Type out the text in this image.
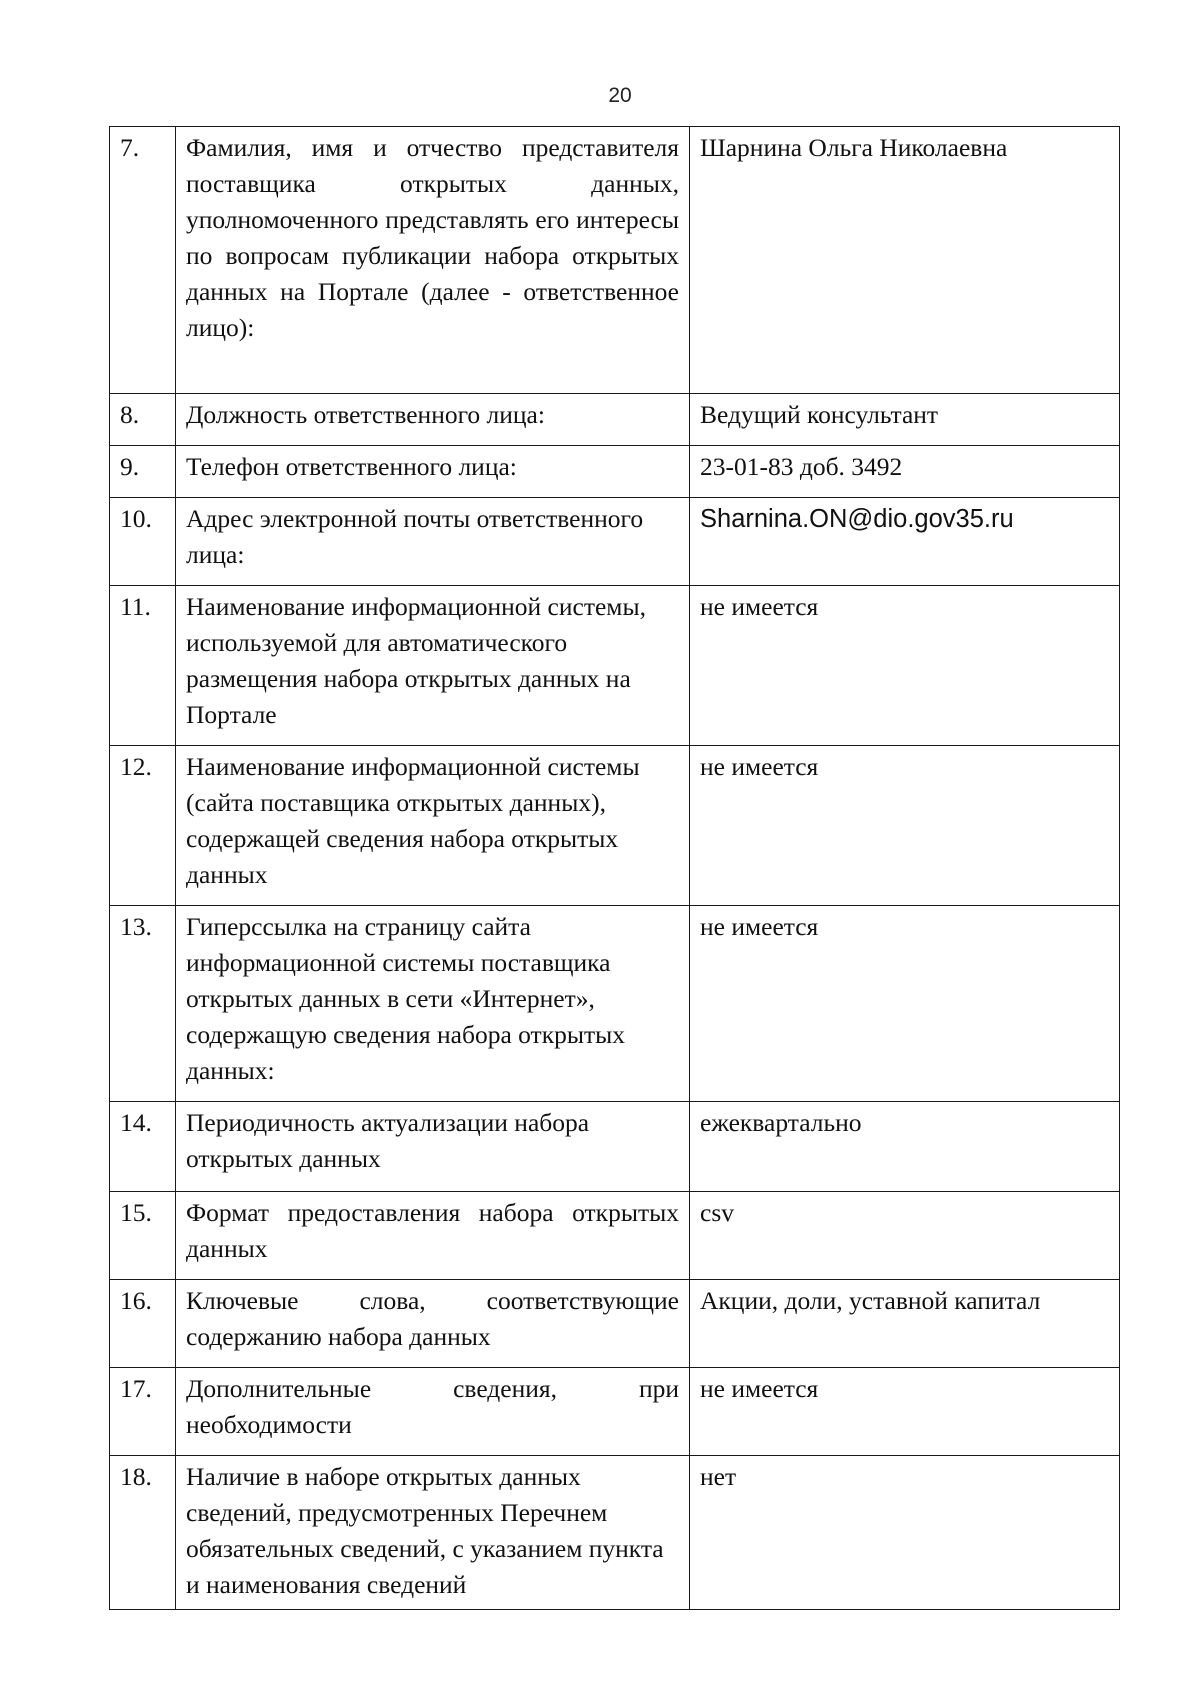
20
7.	Фамилия, имя и отчество представителя поставщика открытых данных, уполномоченного представлять его интересы по вопросам публикации набора открытых данных на Портале (далее - ответственное лицо):	Шарнина Ольга Николаевна
8.	Должность ответственного лица:	Ведущий консультант
9.	Телефон ответственного лица:	23-01-83 доб. 3492
10.	Адрес электронной почты ответственного лица:	Sharnina.ON@dio.gov35.ru
11.	Наименование информационной системы, используемой для автоматического размещения набора открытых данных на Портале	не имеется
12.	Наименование информационной системы (сайта поставщика открытых данных), содержащей сведения набора открытых данных	не имеется
13.	Гиперссылка на страницу сайта информационной системы поставщика открытых данных в сети «Интернет», содержащую сведения набора открытых данных:	не имеется
14.	Периодичность актуализации набора открытых данных	ежеквартально
15.	Формат предоставления набора открытых данных	csv
16.	Ключевые слова, соответствующие содержанию набора данных	Акции, доли, уставной капитал
17.	Дополнительные сведения, при необходимости	не имеется
18.	Наличие в наборе открытых данных сведений, предусмотренных Перечнем обязательных сведений, с указанием пункта и наименования сведений	нет
